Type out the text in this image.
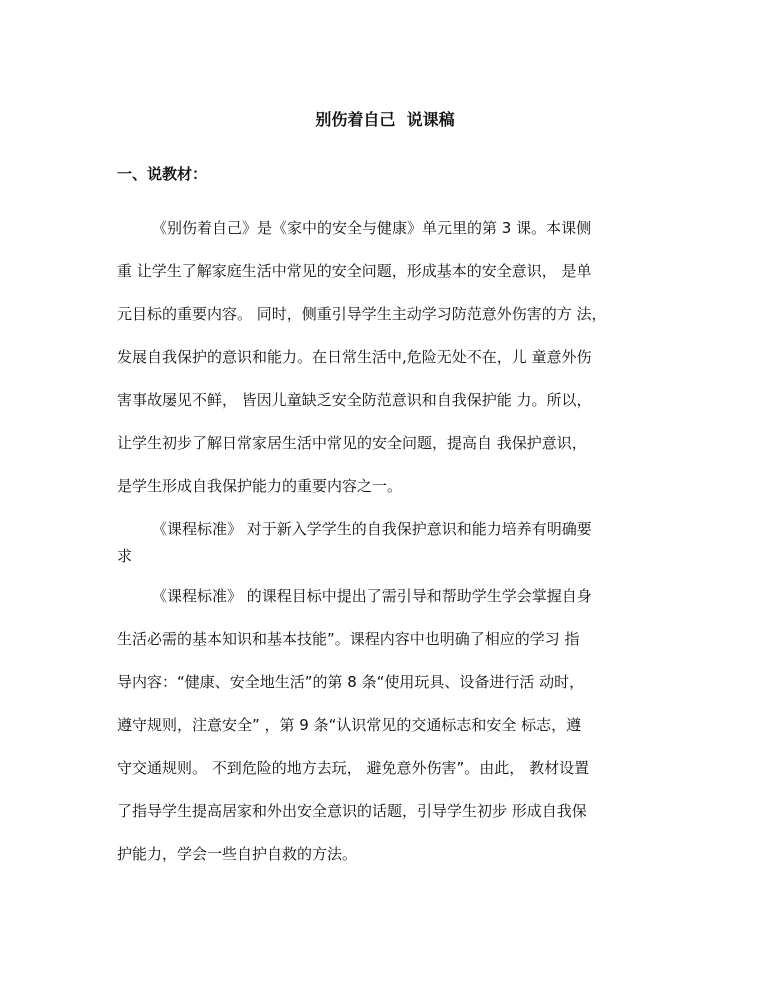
别伤着自己  说课稿
一、说教材：
《别伤着自己》是《家中的安全与健康》单元里的第 3 课。本课侧
重 让学生了解家庭生活中常见的安全问题，形成基本的安全意识， 是单
元目标的重要内容。 同时，侧重引导学生主动学习防范意外伤害的方 法，
发展自我保护的意识和能力。在日常生活中,危险无处不在，儿 童意外伤
害事故屡见不鲜， 皆因儿童缺乏安全防范意识和自我保护能 力。所以，
让学生初步了解日常家居生活中常见的安全问题，提高自 我保护意识，
是学生形成自我保护能力的重要内容之一。
《课程标准》 对于新入学学生的自我保护意识和能力培养有明确要
求
《课程标准》 的课程目标中提出了需引导和帮助学生学会掌握自身
生活必需的基本知识和基本技能”。课程内容中也明确了相应的学习 指
导内容：“健康、安全地生活”的第 8 条“使用玩具、设备进行活 动时，
遵守规则，注意安全” ，第 9 条“认识常见的交通标志和安全 标志，遵
守交通规则。 不到危险的地方去玩， 避免意外伤害”。由此， 教材设置
了指导学生提高居家和外出安全意识的话题，引导学生初步 形成自我保
护能力，学会一些自护自救的方法。
